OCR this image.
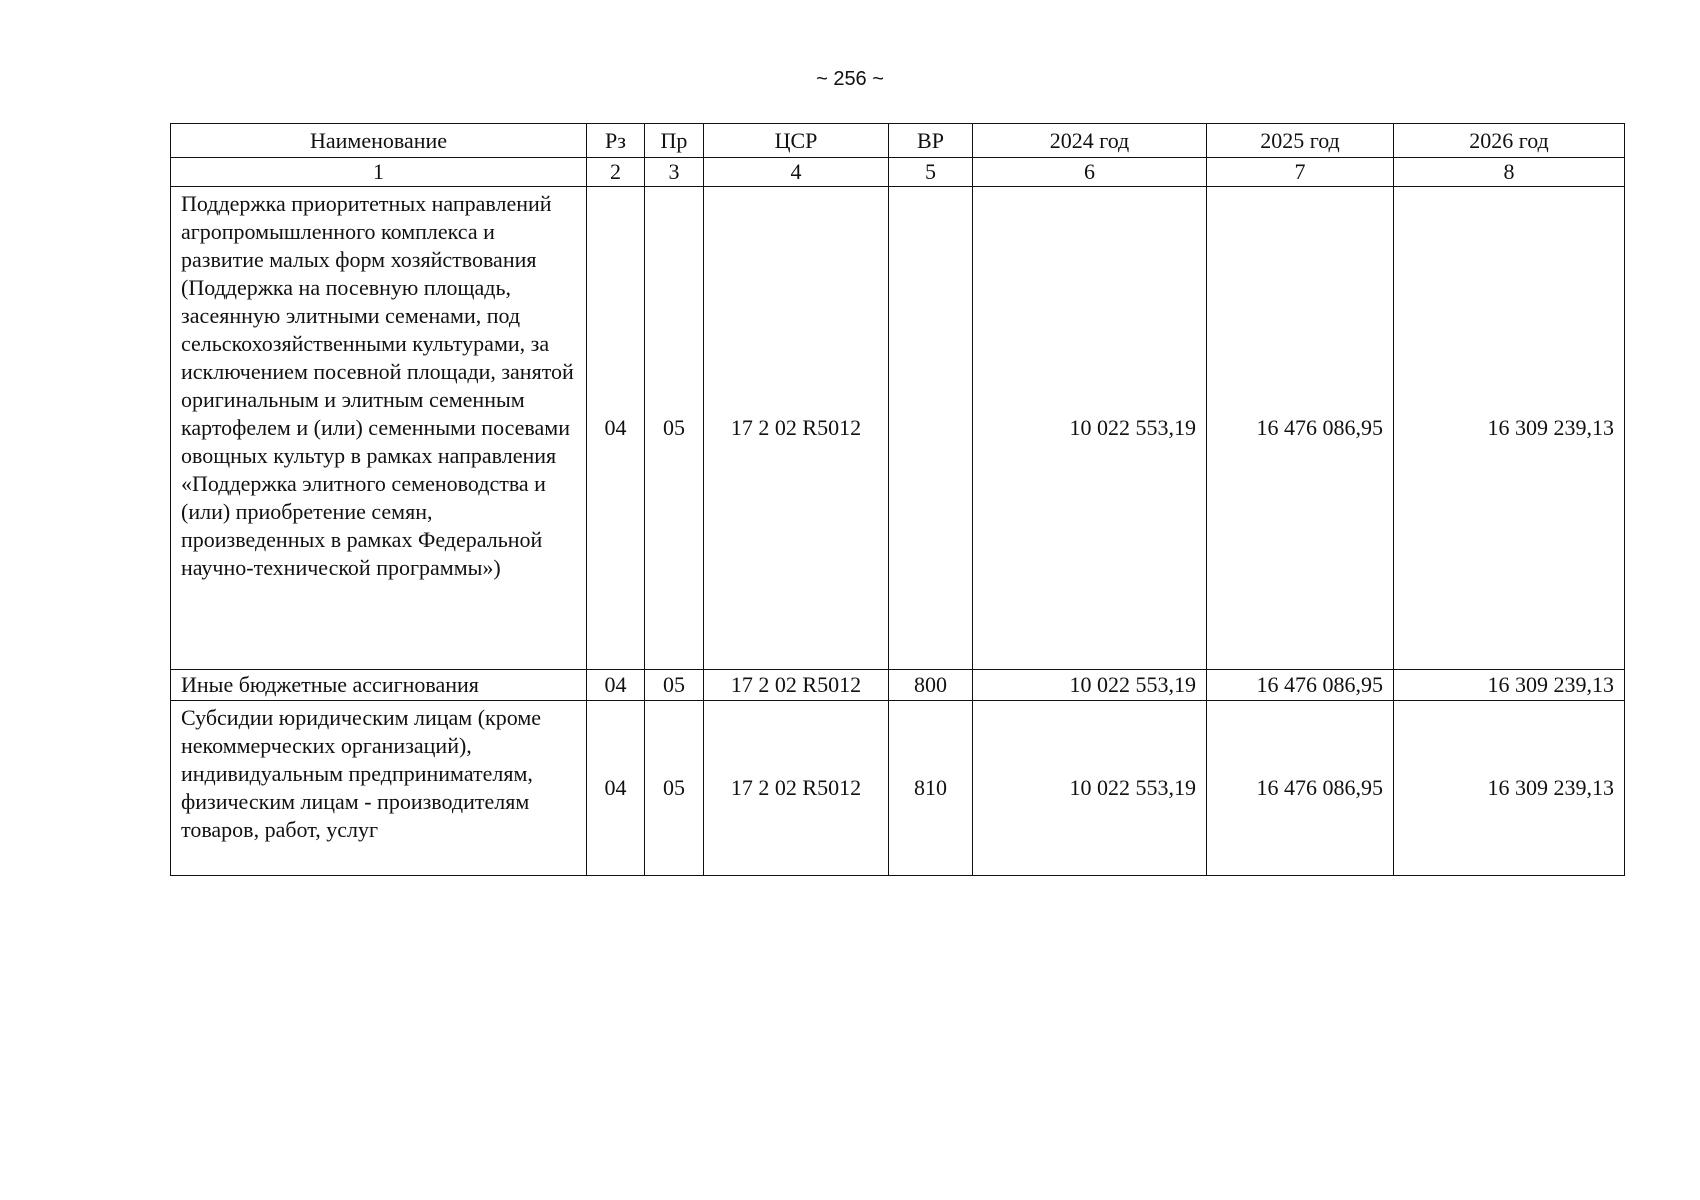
~ 256 ~
Наименование	Рз	Пр	ЦСР	ВР	2024 год	2025 год	2026 год
1	2	3	4	5	6	7	8
Поддержка приоритетных направлений агропромышленного комплекса и развитие малых форм хозяйствования (Поддержка на посевную площадь, засеянную элитными семенами, под сельскохозяйственными культурами, за исключением посевной площади, занятой оригинальным и элитным семенным картофелем и (или) семенными посевами овощных культур в рамках направления «Поддержка элитного семеноводства и (или) приобретение семян, произведенных в рамках Федеральной научно-технической программы»)	04	05	17 2 02 R5012		10 022 553,19	16 476 086,95	16 309 239,13
Иные бюджетные ассигнования	04	05	17 2 02 R5012	800	10 022 553,19	16 476 086,95	16 309 239,13
Субсидии юридическим лицам (кроме некоммерческих организаций), индивидуальным предпринимателям, физическим лицам - производителям товаров, работ, услуг	04	05	17 2 02 R5012	810	10 022 553,19	16 476 086,95	16 309 239,13
